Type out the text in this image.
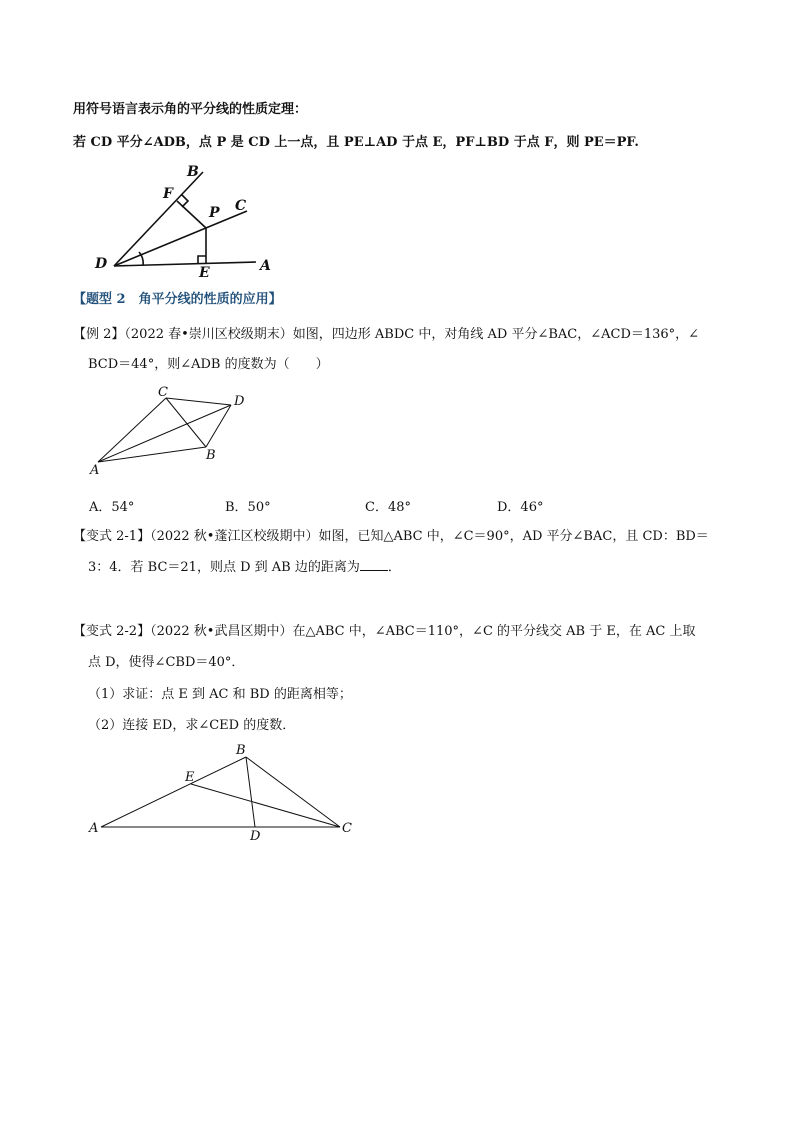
用符号语言表示角的平分线的性质定理：
若 CD 平分∠ADB，点 P 是 CD 上一点，且 PE⊥AD 于点 E，PF⊥BD 于点 F，则 PE＝PF.
B
F
C
P
D
E	A
【题型 2　角平分线的性质的应用】
【例 2】（2022 春•崇川区校级期末）如图，四边形 ABDC 中，对角线 AD 平分∠BAC，∠ACD＝136°，∠
BCD＝44°，则∠ADB 的度数为（　　）
A
B
C
D
A．54°	B．50°	C．48°	D．46°
【变式 2-1】（2022 秋•蓬江区校级期中）如图，已知△ABC 中，∠C＝90°，AD 平分∠BAC，且 CD：BD＝
3：4．若 BC＝21，则点 D 到 AB 边的距离为 ．
【变式 2-2】（2022 秋•武昌区期中）在△ABC 中，∠ABC＝110°，∠C 的平分线交 AB 于 E，在 AC 上取
点 D，使得∠CBD＝40°．
（1）求证：点 E 到 AC 和 BD 的距离相等；
（2）连接 ED，求∠CED 的度数．
A
B
C
D
E
